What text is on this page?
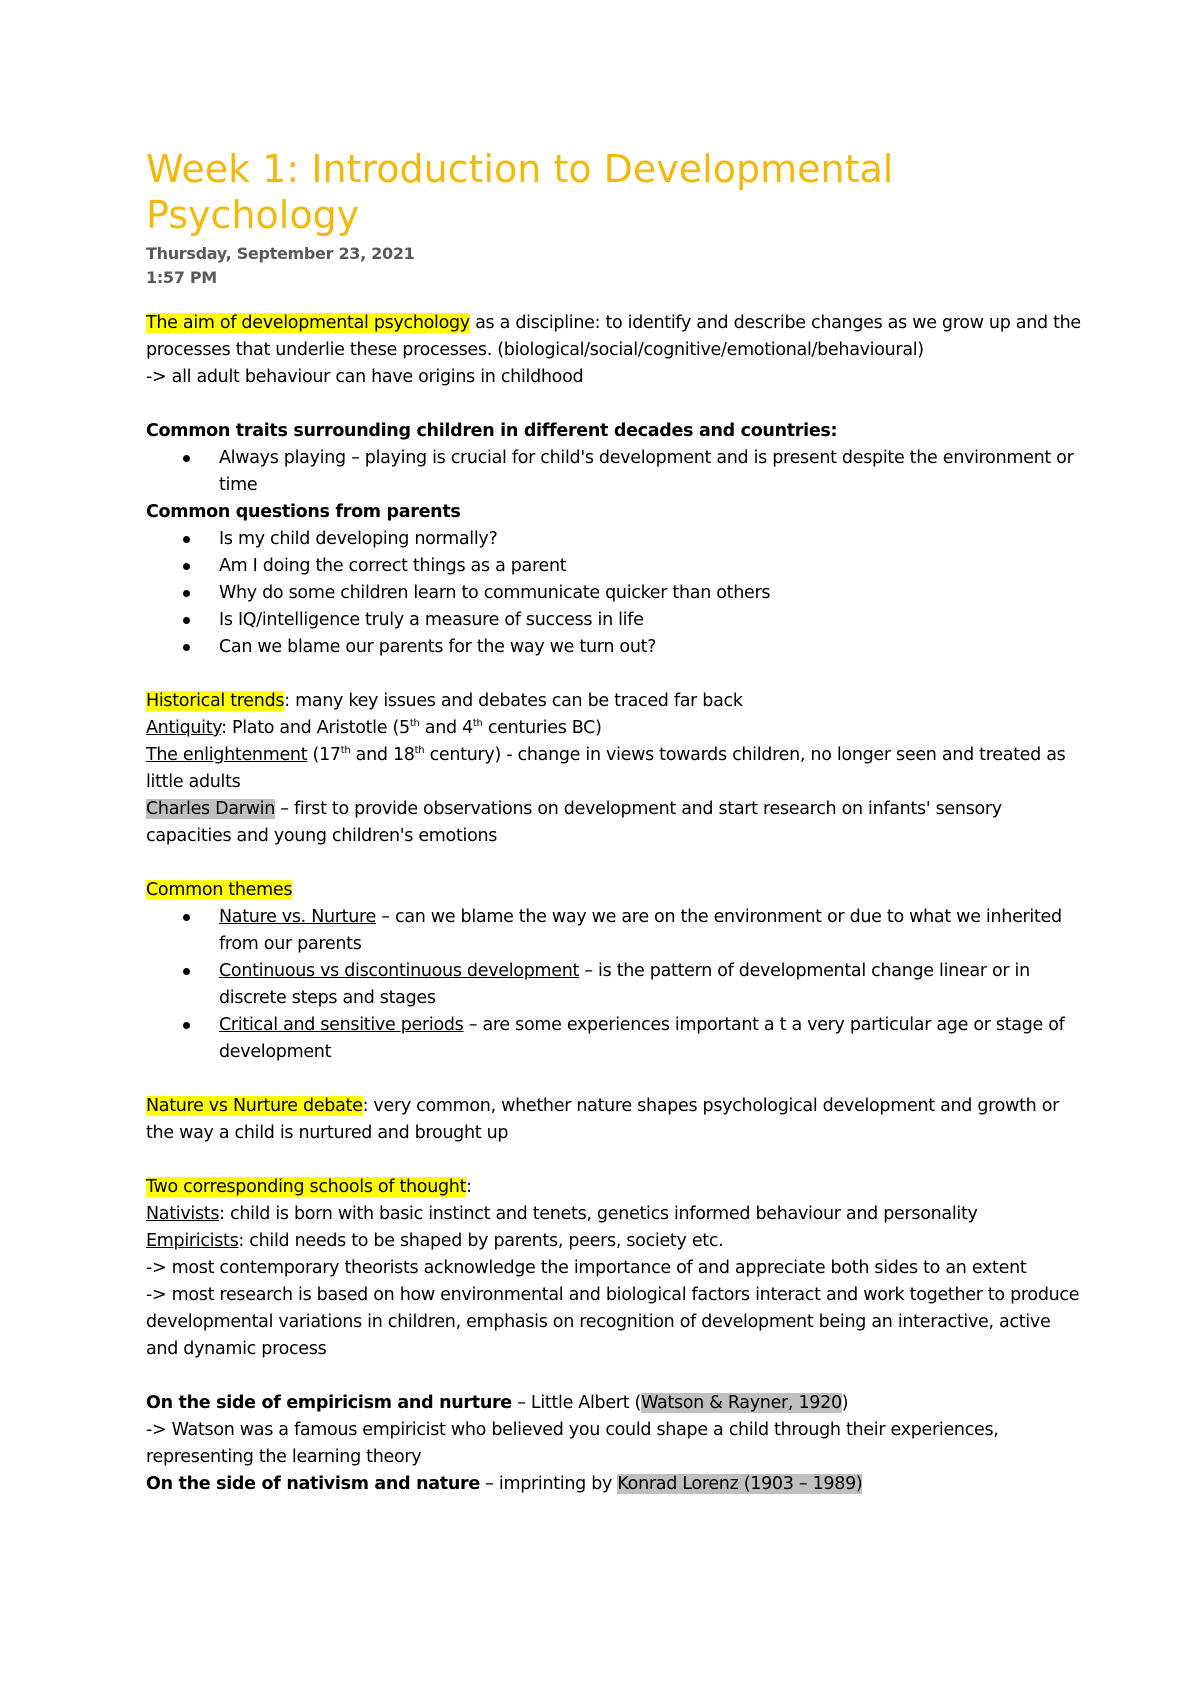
Week 1: Introduction to Developmental Psychology
Thursday, September 23, 2021
1:57 PM

The aim of developmental psychology as a discipline: to identify and describe changes as we grow up and the processes that underlie these processes. (biological/social/cognitive/emotional/behavioural)

-> all adult behaviour can have origins in childhood

Common traits surrounding children in different decades and countries:

Always playing – playing is crucial for child's development and is present despite the environment or time

Common questions from parents

Is my child developing normally?
Am I doing the correct things as a parent
Why do some children learn to communicate quicker than others
Is IQ/intelligence truly a measure of success in life
Can we blame our parents for the way we turn out?

Historical trends: many key issues and debates can be traced far back

Antiquity: Plato and Aristotle (5th and 4th centuries BC)

The enlightenment (17th and 18th century) - change in views towards children, no longer seen and treated as little adults

Charles Darwin – first to provide observations on development and start research on infants' sensory capacities and young children's emotions

Common themes

Nature vs. Nurture – can we blame the way we are on the environment or due to what we inherited from our parents
Continuous vs discontinuous development – is the pattern of developmental change linear or in discrete steps and stages
Critical and sensitive periods – are some experiences important a t a very particular age or stage of development

Nature vs Nurture debate: very common, whether nature shapes psychological development and growth or the way a child is nurtured and brought up

Two corresponding schools of thought:

Nativists: child is born with basic instinct and tenets, genetics informed behaviour and personality

Empiricists: child needs to be shaped by parents, peers, society etc.

-> most contemporary theorists acknowledge the importance of and appreciate both sides to an extent

-> most research is based on how environmental and biological factors interact and work together to produce developmental variations in children, emphasis on recognition of development being an interactive, active and dynamic process

On the side of empiricism and nurture – Little Albert (Watson & Rayner, 1920)

-> Watson was a famous empiricist who believed you could shape a child through their experiences, representing the learning theory

On the side of nativism and nature – imprinting by Konrad Lorenz (1903 – 1989)
